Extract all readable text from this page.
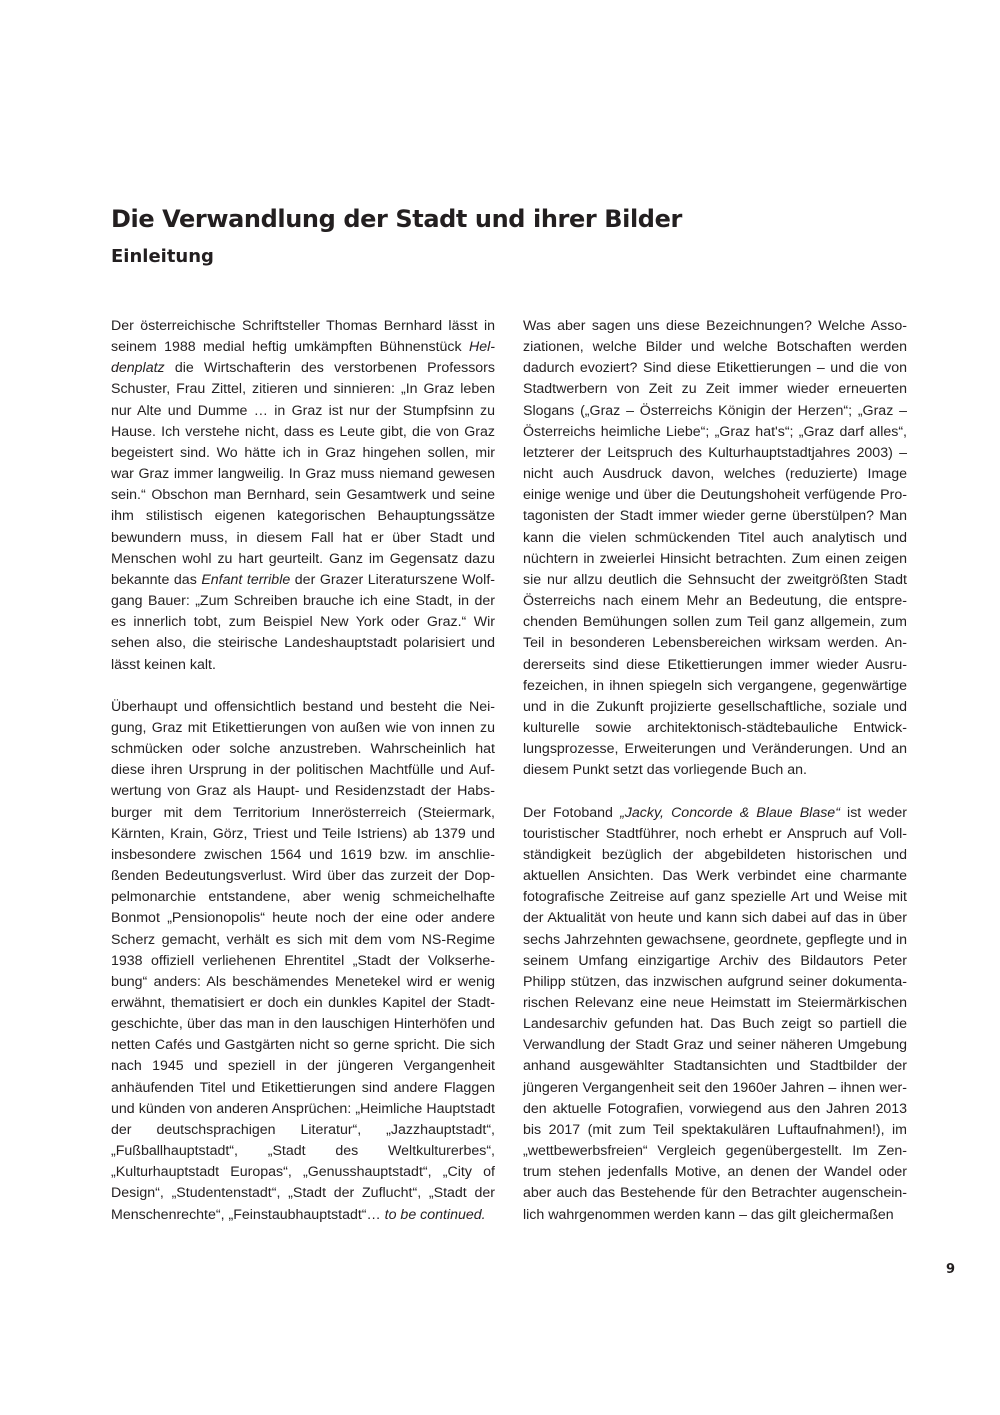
Die Verwandlung der Stadt und ihrer Bilder
Einleitung

Der österreichische Schriftsteller Thomas Bernhard lässt in seinem 1988 medial heftig umkämpften Bühnenstück Heldenplatz die Wirtschafterin des verstorbenen Professors Schuster, Frau Zittel, zitieren und sinnieren: „In Graz leben nur Alte und Dumme … in Graz ist nur der Stumpfsinn zu Hause. Ich verstehe nicht, dass es Leute gibt, die von Graz begeistert sind. Wo hätte ich in Graz hingehen sollen, mir war Graz immer langweilig. In Graz muss niemand gewesen sein.“ Obschon man Bernhard, sein Gesamtwerk und seine ihm stilistisch eigenen kategorischen Behauptungssätze bewundern muss, in diesem Fall hat er über Stadt und Menschen wohl zu hart geurteilt. Ganz im Gegensatz dazu bekannte das Enfant terrible der Grazer Literaturszene Wolfgang Bauer: „Zum Schreiben brauche ich eine Stadt, in der es innerlich tobt, zum Beispiel New York oder Graz.“ Wir sehen also, die steirische Landeshauptstadt polarisiert und lässt keinen kalt.

Überhaupt und offensichtlich bestand und besteht die Neigung, Graz mit Etikettierungen von außen wie von innen zu schmücken oder solche anzustreben. Wahrscheinlich hat diese ihren Ursprung in der politischen Machtfülle und Aufwertung von Graz als Haupt- und Residenzstadt der Habsburger mit dem Territorium Innerösterreich (Steiermark, Kärnten, Krain, Görz, Triest und Teile Istriens) ab 1379 und insbesondere zwischen 1564 und 1619 bzw. im anschließenden Bedeutungsverlust. Wird über das zurzeit der Doppelmonarchie entstandene, aber wenig schmeichelhafte Bonmot „Pensionopolis“ heute noch der eine oder andere Scherz gemacht, verhält es sich mit dem vom NS-Regime 1938 offiziell verliehenen Ehrentitel „Stadt der Volkserhebung“ anders: Als beschämendes Menetekel wird er wenig erwähnt, thematisiert er doch ein dunkles Kapitel der Stadtgeschichte, über das man in den lauschigen Hinterhöfen und netten Cafés und Gastgärten nicht so gerne spricht. Die sich nach 1945 und speziell in der jüngeren Vergangenheit anhäufenden Titel und Etikettierungen sind andere Flaggen und künden von anderen Ansprüchen: „Heimliche Hauptstadt der deutschsprachigen Literatur“, „Jazzhauptstadt“, „Fußballhauptstadt“, „Stadt des Weltkulturerbes“, „Kulturhauptstadt Europas“, „Genusshauptstadt“, „City of Design“, „Studentenstadt“, „Stadt der Zuflucht“, „Stadt der Menschenrechte“, „Feinstaubhauptstadt“… to be continued.

Was aber sagen uns diese Bezeichnungen? Welche Assoziationen, welche Bilder und welche Botschaften werden dadurch evoziert? Sind diese Etikettierungen – und die von Stadtwerbern von Zeit zu Zeit immer wieder erneuerten Slogans („Graz – Österreichs Königin der Herzen“; „Graz – Österreichs heimliche Liebe“; „Graz hat's“; „Graz darf alles“, letzterer der Leitspruch des Kulturhauptstadtjahres 2003) – nicht auch Ausdruck davon, welches (reduzierte) Image einige wenige und über die Deutungshoheit verfügende Protagonisten der Stadt immer wieder gerne überstülpen? Man kann die vielen schmückenden Titel auch analytisch und nüchtern in zweierlei Hinsicht betrachten. Zum einen zeigen sie nur allzu deutlich die Sehnsucht der zweitgrößten Stadt Österreichs nach einem Mehr an Bedeutung, die entsprechenden Bemühungen sollen zum Teil ganz allgemein, zum Teil in besonderen Lebensbereichen wirksam werden. Andererseits sind diese Etikettierungen immer wieder Ausrufezeichen, in ihnen spiegeln sich vergangene, gegenwärtige und in die Zukunft projizierte gesellschaftliche, soziale und kulturelle sowie architektonisch-städtebauliche Entwicklungsprozesse, Erweiterungen und Veränderungen. Und an diesem Punkt setzt das vorliegende Buch an.

Der Fotoband „Jacky, Concorde & Blaue Blase“ ist weder touristischer Stadtführer, noch erhebt er Anspruch auf Vollständigkeit bezüglich der abgebildeten historischen und aktuellen Ansichten. Das Werk verbindet eine charmante fotografische Zeitreise auf ganz spezielle Art und Weise mit der Aktualität von heute und kann sich dabei auf das in über sechs Jahrzehnten gewachsene, geordnete, gepflegte und in seinem Umfang einzigartige Archiv des Bildautors Peter Philipp stützen, das inzwischen aufgrund seiner dokumentarischen Relevanz eine neue Heimstatt im Steiermärkischen Landesarchiv gefunden hat. Das Buch zeigt so partiell die Verwandlung der Stadt Graz und seiner näheren Umgebung anhand ausgewählter Stadtansichten und Stadtbilder der jüngeren Vergangenheit seit den 1960er Jahren – ihnen werden aktuelle Fotografien, vorwiegend aus den Jahren 2013 bis 2017 (mit zum Teil spektakulären Luftaufnahmen!), im „wettbewerbsfreien“ Vergleich gegenübergestellt. Im Zentrum stehen jedenfalls Motive, an denen der Wandel oder aber auch das Bestehende für den Betrachter augenscheinlich wahrgenommen werden kann – das gilt gleichermaßen

9
